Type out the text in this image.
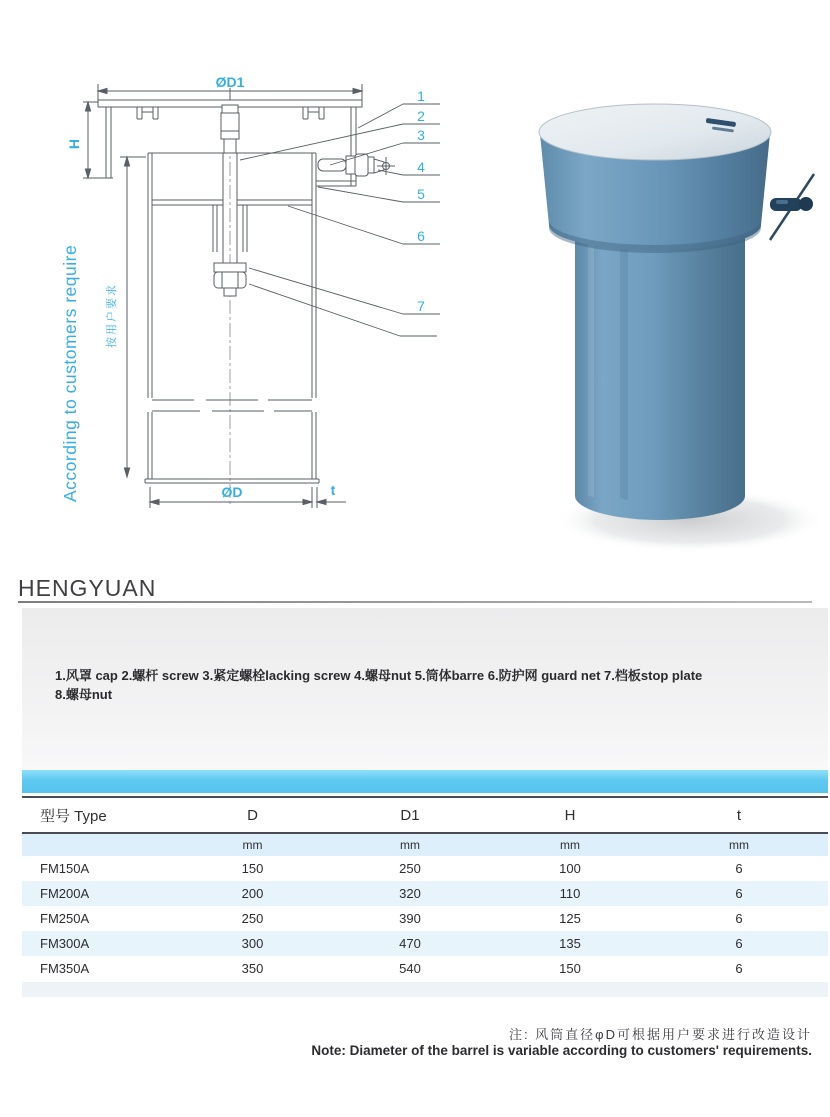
ØD1
H
ØD	t
1
2
3
4
5
6
7
According to customers require 按用户要求
HENGYUAN
1.风罩 cap 2.螺杆 screw 3.紧定螺栓lacking screw 4.螺母nut 5.筒体barre 6.防护网 guard net 7.档板stop plate
8.螺母nut
型号 Type	D	D1	H	t
	mm	mm	mm	mm
FM150A	150	250	100	6
FM200A	200	320	110	6
FM250A	250	390	125	6
FM300A	300	470	135	6
FM350A	350	540	150	6
注: 风筒直径φD可根据用户要求进行改造设计
Note: Diameter of the barrel is variable according to customers' requirements.
